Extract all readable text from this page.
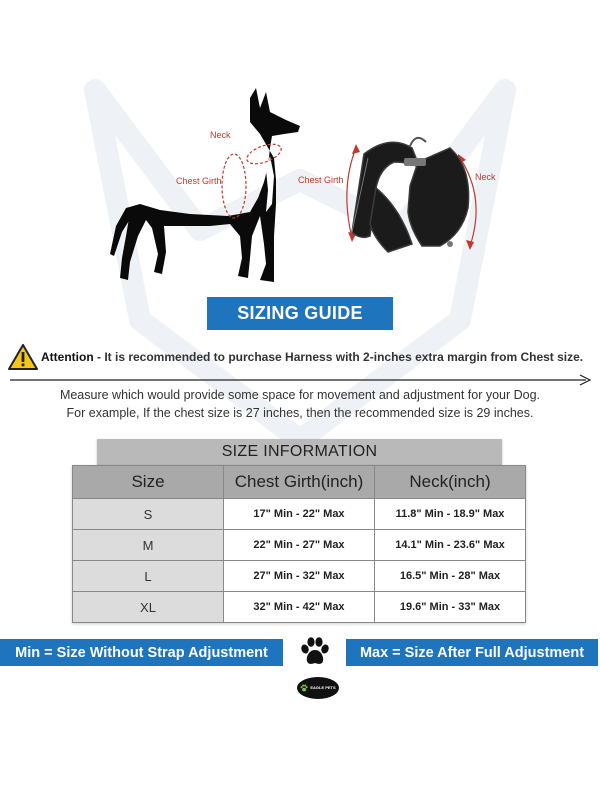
Neck
Chest Girth	Chest Girth	Neck
SIZING GUIDE
Attention - It is recommended to purchase Harness with 2-inches extra margin from Chest size.
Measure which would provide some space for movement and adjustment for your Dog.
For example, If the chest size is 27 inches, then the recommended size is 29 inches.
SIZE INFORMATION
Size	Chest Girth(inch)	Neck(inch)
S	17" Min - 22" Max	11.8" Min - 18.9" Max
M	22" Min - 27" Max	14.1" Min - 23.6" Max
L	27" Min - 32" Max	16.5" Min - 28" Max
XL	32" Min - 42" Max	19.6" Min - 33" Max
Min = Size Without Strap Adjustment	Max = Size After Full Adjustment
EAGLE PETS
